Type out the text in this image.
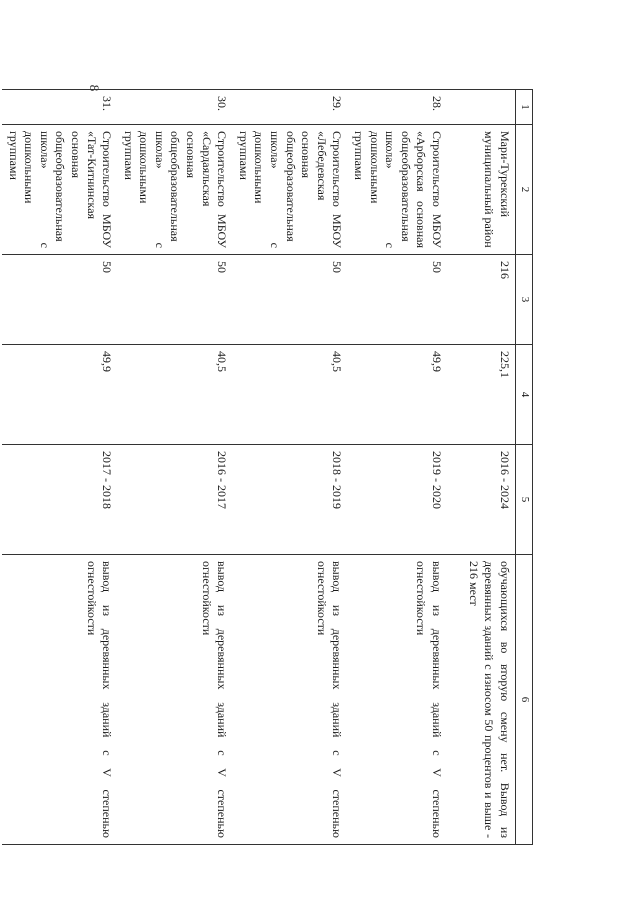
8
1	2	3	4	5	6
	Мари-Турекский муниципальный район	216	225,1	2016 - 2024	обучающихся во вторую смену нет. Вывод из деревянных зданий с износом 50 процентов и выше - 216 мест
28.	Строительство МБОУ «Арборская основная общеобразовательная школа» с дошкольными группами	50	49,9	2019 - 2020	вывод из деревянных зданий с V степенью огнестойкости
29.	Строительство МБОУ «Лебедевская основная общеобразовательная школа» с дошкольными группами	50	40,5	2018 - 2019	вывод из деревянных зданий с V степенью огнестойкости
30.	Строительство МБОУ «Сардаяльская основная общеобразовательная школа» с дошкольными группами	50	40,5	2016 - 2017	вывод из деревянных зданий с V степенью огнестойкости
31.	Строительство МБОУ «Тат-Китнинская основная общеобразовательная школа» с дошкольными группами	50	49,9	2017 - 2018	вывод из деревянных зданий с V степенью огнестойкости
